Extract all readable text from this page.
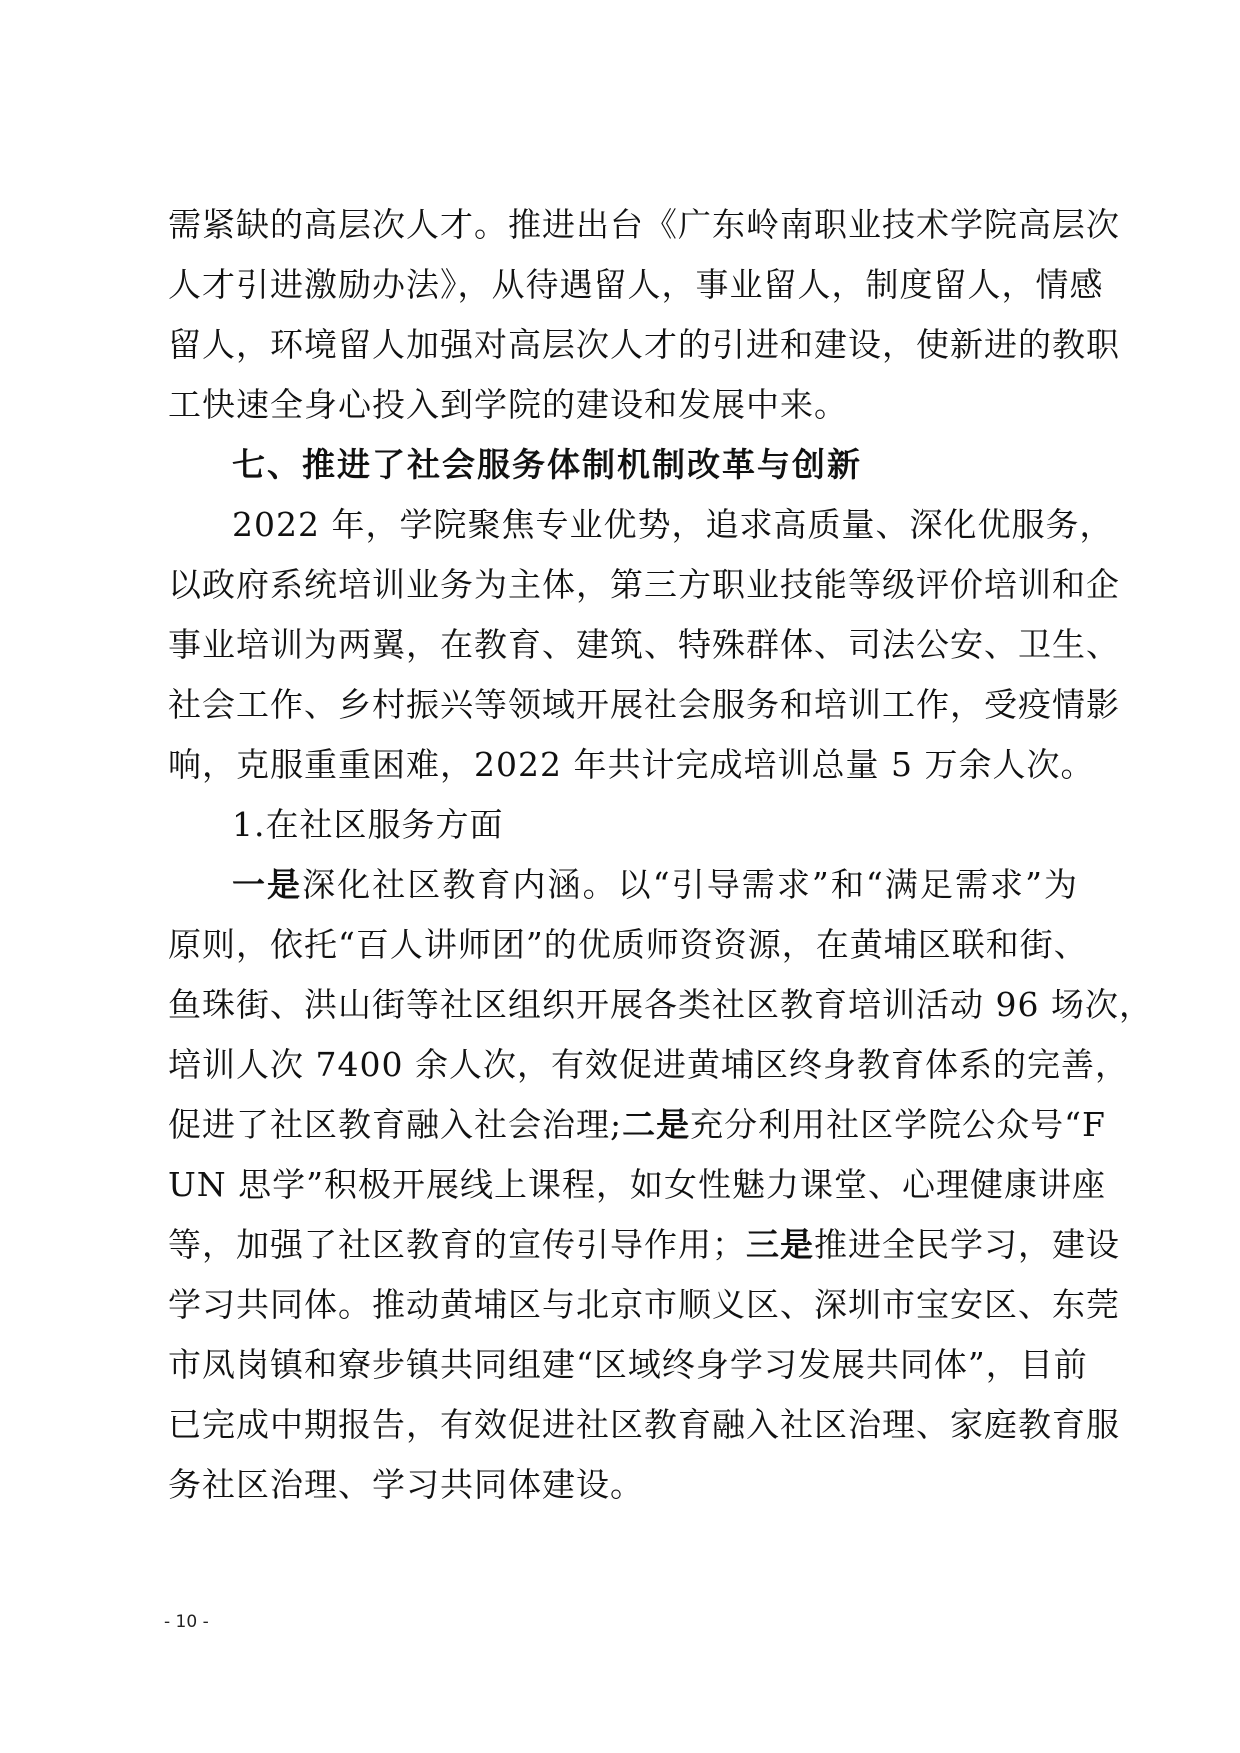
需紧缺的高层次人才。推进出台《广东岭南职业技术学院高层次
人才引进激励办法》，从待遇留人，事业留人，制度留人，情感
留人，环境留人加强对高层次人才的引进和建设，使新进的教职
工快速全身心投入到学院的建设和发展中来。
七、推进了社会服务体制机制改革与创新
2022 年，学院聚焦专业优势，追求高质量、深化优服务，
以政府系统培训业务为主体，第三方职业技能等级评价培训和企
事业培训为两翼，在教育、建筑、特殊群体、司法公安、卫生、
社会工作、乡村振兴等领域开展社会服务和培训工作，受疫情影
响，克服重重困难，2022 年共计完成培训总量 5 万余人次。
1.在社区服务方面
一是深化社区教育内涵。以“引导需求”和“满足需求”为
原则，依托“百人讲师团”的优质师资资源，在黄埔区联和街、
鱼珠街、洪山街等社区组织开展各类社区教育培训活动 96 场次，
培训人次 7400 余人次，有效促进黄埔区终身教育体系的完善，
促进了社区教育融入社会治理;二是充分利用社区学院公众号“F
UN 思学”积极开展线上课程，如女性魅力课堂、心理健康讲座
等，加强了社区教育的宣传引导作用；三是推进全民学习，建设
学习共同体。推动黄埔区与北京市顺义区、深圳市宝安区、东莞
市凤岗镇和寮步镇共同组建“区域终身学习发展共同体”，目前
已完成中期报告，有效促进社区教育融入社区治理、家庭教育服
务社区治理、学习共同体建设。
- 10 -
